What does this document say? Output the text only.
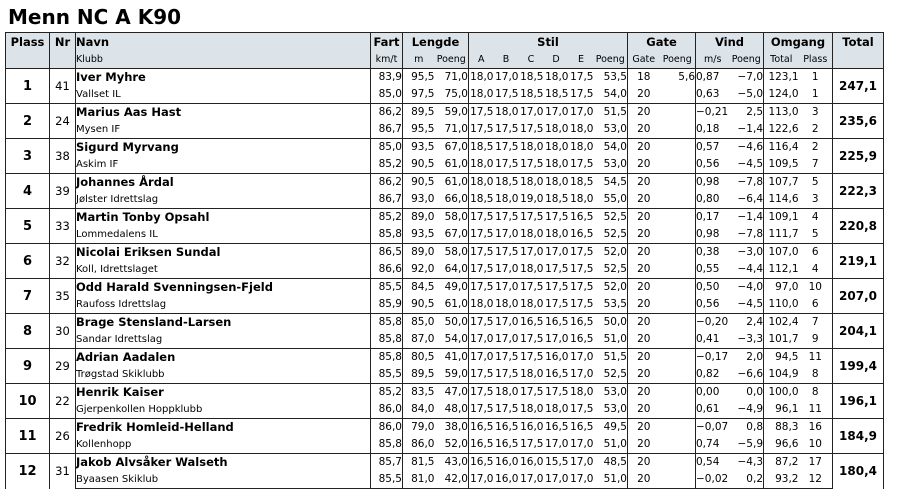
Menn NC A K90
Plass	Nr	Navn	Fart	Lengde		Stil						Gate		Vind		Omgang		Total
		Klubb	km/t	m	Poeng	A	B	C	D	E	Poeng	Gate	Poeng	m/s	Poeng	Total	Plass	
1	41	Iver Myhre	83,9	95,5	71,0	18,0	17,0	18,5	18,0	17,5	53,5	18	5,6	0,87	−7,0	123,1	1	247,1
		Vallset IL	85,0	97,5	75,0	18,0	17,5	18,5	18,5	17,5	54,0	20		0,63	−5,0	124,0	1	
2	24	Marius Aas Hast	86,2	89,5	59,0	17,5	18,0	17,0	17,0	17,0	51,5	20		−0,21	2,5	113,0	3	235,6
		Mysen IF	86,7	95,5	71,0	17,5	17,5	17,5	18,0	18,0	53,0	20		0,18	−1,4	122,6	2	
3	38	Sigurd Myrvang	85,0	93,5	67,0	18,5	17,5	18,0	18,0	18,0	54,0	20		0,57	−4,6	116,4	2	225,9
		Askim IF	85,2	90,5	61,0	18,0	17,5	17,5	18,0	17,5	53,0	20		0,56	−4,5	109,5	7	
4	39	Johannes Årdal	86,2	90,5	61,0	18,0	18,5	18,0	18,0	18,5	54,5	20		0,98	−7,8	107,7	5	222,3
		Jølster Idrettslag	86,7	93,0	66,0	18,5	18,0	19,0	18,5	18,0	55,0	20		0,80	−6,4	114,6	3	
5	33	Martin Tonby Opsahl	85,2	89,0	58,0	17,5	17,5	17,5	17,5	16,5	52,5	20		0,17	−1,4	109,1	4	220,8
		Lommedalens IL	85,8	93,5	67,0	17,5	17,0	18,0	18,0	16,5	52,5	20		0,98	−7,8	111,7	5	
6	32	Nicolai Eriksen Sundal	86,5	89,0	58,0	17,5	17,5	17,0	17,0	17,5	52,0	20		0,38	−3,0	107,0	6	219,1
		Koll, Idrettslaget	86,6	92,0	64,0	17,5	17,0	18,0	17,5	17,5	52,5	20		0,55	−4,4	112,1	4	
7	35	Odd Harald Svenningsen-Fjeld	85,5	84,5	49,0	17,5	17,0	17,5	17,5	17,5	52,0	20		0,50	−4,0	97,0	10	207,0
		Raufoss Idrettslag	85,9	90,5	61,0	18,0	18,0	18,0	17,5	17,5	53,5	20		0,56	−4,5	110,0	6	
8	30	Brage Stensland-Larsen	85,8	85,0	50,0	17,5	17,0	16,5	16,5	16,5	50,0	20		−0,20	2,4	102,4	7	204,1
		Sandar Idrettslag	85,8	87,0	54,0	17,0	17,0	17,5	17,0	16,5	51,0	20		0,41	−3,3	101,7	9	
9	29	Adrian Aadalen	85,8	80,5	41,0	17,0	17,5	17,5	16,0	17,0	51,5	20		−0,17	2,0	94,5	11	199,4
		Trøgstad Skiklubb	85,5	89,5	59,0	17,5	17,5	18,0	16,5	17,0	52,5	20		0,82	−6,6	104,9	8	
10	22	Henrik Kaiser	85,2	83,5	47,0	17,5	18,0	17,5	17,5	18,0	53,0	20		0,00	0,0	100,0	8	196,1
		Gjerpenkollen Hoppklubb	86,0	84,0	48,0	17,5	17,5	18,0	18,0	17,5	53,0	20		0,61	−4,9	96,1	11	
11	26	Fredrik Homleid-Helland	86,0	79,0	38,0	16,5	16,5	16,0	16,5	16,5	49,5	20		−0,07	0,8	88,3	16	184,9
		Kollenhopp	85,8	86,0	52,0	16,5	16,5	17,5	17,0	17,0	51,0	20		0,74	−5,9	96,6	10	
12	31	Jakob Alvsåker Walseth	85,7	81,5	43,0	16,5	16,0	16,0	15,5	17,0	48,5	20		0,54	−4,3	87,2	17	180,4
		Byaasen Skiklub	85,5	81,0	42,0	17,0	16,0	17,0	17,0	17,0	51,0	20		−0,02	0,2	93,2	12	
